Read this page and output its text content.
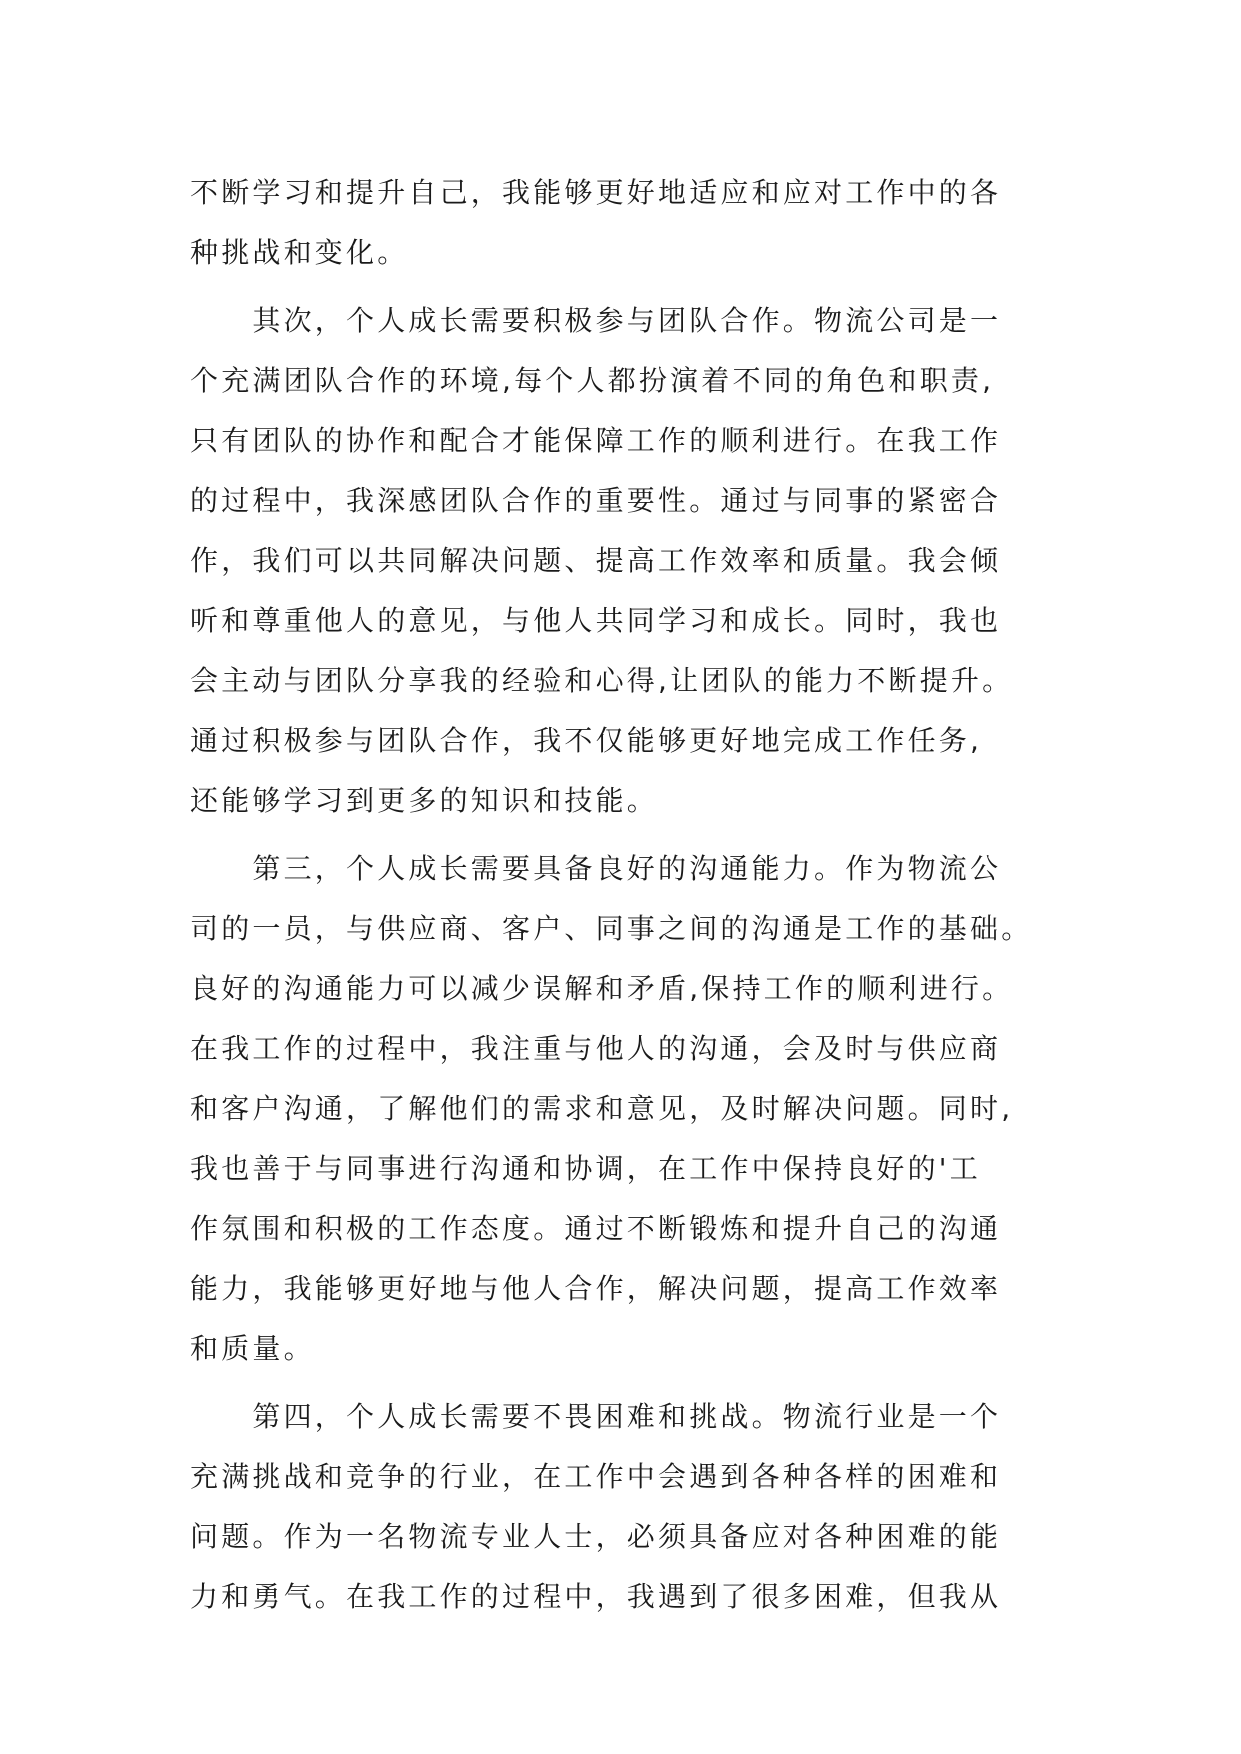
不断学习和提升自己，我能够更好地适应和应对工作中的各
种挑战和变化。
　　其次，个人成长需要积极参与团队合作。物流公司是一
个充满团队合作的环境,每个人都扮演着不同的角色和职责,
只有团队的协作和配合才能保障工作的顺利进行。在我工作
的过程中，我深感团队合作的重要性。通过与同事的紧密合
作，我们可以共同解决问题、提高工作效率和质量。我会倾
听和尊重他人的意见，与他人共同学习和成长。同时，我也
会主动与团队分享我的经验和心得,让团队的能力不断提升。
通过积极参与团队合作，我不仅能够更好地完成工作任务,
还能够学习到更多的知识和技能。
　　第三，个人成长需要具备良好的沟通能力。作为物流公
司的一员，与供应商、客户、同事之间的沟通是工作的基础。
良好的沟通能力可以减少误解和矛盾,保持工作的顺利进行。
在我工作的过程中，我注重与他人的沟通，会及时与供应商
和客户沟通，了解他们的需求和意见，及时解决问题。同时,
我也善于与同事进行沟通和协调，在工作中保持良好的'工
作氛围和积极的工作态度。通过不断锻炼和提升自己的沟通
能力，我能够更好地与他人合作，解决问题，提高工作效率
和质量。
　　第四，个人成长需要不畏困难和挑战。物流行业是一个
充满挑战和竞争的行业，在工作中会遇到各种各样的困难和
问题。作为一名物流专业人士，必须具备应对各种困难的能
力和勇气。在我工作的过程中，我遇到了很多困难，但我从
